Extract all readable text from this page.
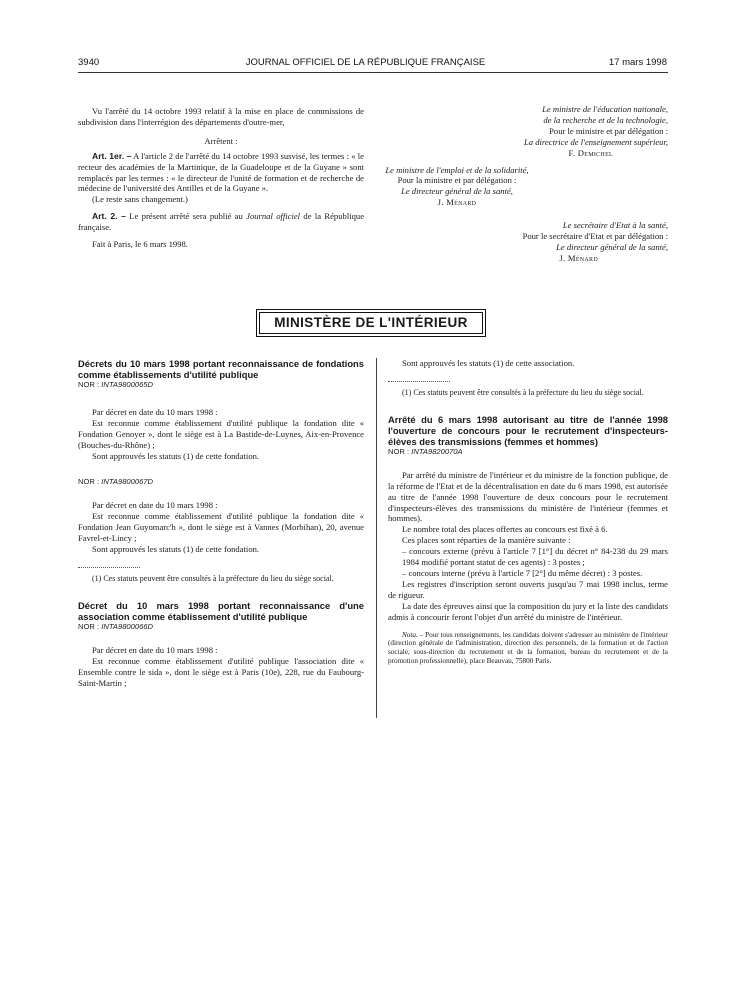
3940	JOURNAL OFFICIEL DE LA RÉPUBLIQUE FRANÇAISE	17 mars 1998

Vu l'arrêté du 14 octobre 1993 relatif à la mise en place de commissions de subdivision dans l'interrégion des départements d'outre-mer,

Arrêtent :

Art. 1er. – A l'article 2 de l'arrêté du 14 octobre 1993 susvisé, les termes : « le recteur des académies de la Martinique, de la Guadeloupe et de la Guyane » sont remplacés par les termes : « le directeur de l'unité de formation et de recherche de médecine de l'université des Antilles et de la Guyane ».

(Le reste sans changement.)

Art. 2. – Le présent arrêté sera publié au Journal officiel de la République française.

Fait à Paris, le 6 mars 1998.

Le ministre de l'éducation nationale,

de la recherche et de la technologie,

Pour le ministre et par délégation :

La directrice de l'enseignement supérieur,

F. Demichel

Le ministre de l'emploi et de la solidarité,

Pour la ministre et par délégation :

Le directeur général de la santé,

J. Ménard

Le secrétaire d'Etat à la santé,

Pour le secrétaire d'Etat et par délégation :

Le directeur général de la santé,

J. Ménard

MINISTÈRE DE L'INTÉRIEUR

Décrets du 10 mars 1998 portant reconnaissance de fondations comme établissements d'utilité publique

NOR : INTA9800065D

Par décret en date du 10 mars 1998 :

Est reconnue comme établissement d'utilité publique la fondation dite « Fondation Genoyer », dont le siège est à La Bastide-de-Luynes, Aix-en-Provence (Bouches-du-Rhône) ;

Sont approuvés les statuts (1) de cette fondation.

NOR : INTA9800067D

Par décret en date du 10 mars 1998 :

Est reconnue comme établissement d'utilité publique la fondation dite « Fondation Jean Guyomarc'h », dont le siège est à Vannes (Morbihan), 20, avenue Favrel-et-Lincy ;

Sont approuvés les statuts (1) de cette fondation.

(1) Ces statuts peuvent être consultés à la préfecture du lieu du siège social.

Décret du 10 mars 1998 portant reconnaissance d'une association comme établissement d'utilité publique

NOR : INTA9800066D

Par décret en date du 10 mars 1998 :

Est reconnue comme établissement d'utilité publique l'association dite « Ensemble contre le sida », dont le siège est à Paris (10e), 228, rue du Faubourg-Saint-Martin ;

Sont approuvés les statuts (1) de cette association.

(1) Ces statuts peuvent être consultés à la préfecture du lieu du siège social.

Arrêté du 6 mars 1998 autorisant au titre de l'année 1998 l'ouverture de concours pour le recrutement d'inspecteurs-élèves des transmissions (femmes et hommes)

NOR : INTA9820070A

Par arrêté du ministre de l'intérieur et du ministre de la fonction publique, de la réforme de l'Etat et de la décentralisation en date du 6 mars 1998, est autorisée au titre de l'année 1998 l'ouverture de deux concours pour le recrutement d'inspecteurs-élèves des transmissions du ministère de l'intérieur (femmes et hommes).

Le nombre total des places offertes au concours est fixé à 6.

Ces places sont réparties de la manière suivante :

– concours externe (prévu à l'article 7 [1°] du décret n° 84-238 du 29 mars 1984 modifié portant statut de ces agents) : 3 postes ;

– concours interne (prévu à l'article 7 [2°] du même décret) : 3 postes.

Les registres d'inscription seront ouverts jusqu'au 7 mai 1998 inclus, terme de rigueur.

La date des épreuves ainsi que la composition du jury et la liste des candidats admis à concourir feront l'objet d'un arrêté du ministre de l'intérieur.

Nota. – Pour tous renseignements, les candidats doivent s'adresser au ministère de l'intérieur (direction générale de l'administration, direction des personnels, de la formation et de l'action sociale, sous-direction du recrutement et de la formation, bureau du recrutement et de la promotion professionnelle), place Beauvau, 75800 Paris.
